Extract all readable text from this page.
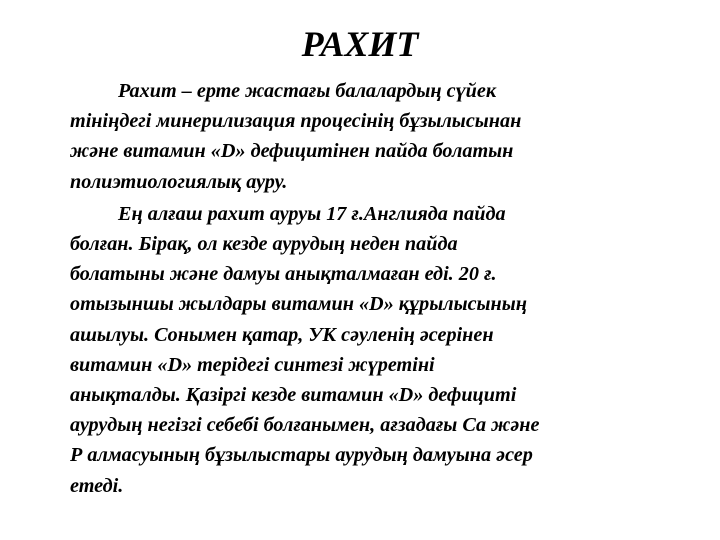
РАХИТ

Рахит – ерте жастағы балалардың сүйек
тініңдегі минерилизация процесінің бұзылысынан
және витамин «D» дефицитінен пайда болатын
полиэтиологиялық ауру.

Ең алғаш рахит ауруы 17 ғ.Англияда пайда
болған. Бірақ, ол кезде аурудың неден пайда
болатыны және дамуы анықталмаған еді. 20 ғ.
отызыншы жылдары витамин «D» құрылысының
ашылуы. Сонымен қатар, УК сәуленің әсерінен
витамин «D» терідегі синтезі жүретіні
анықталды. Қазіргі кезде витамин «D» дефициті
аурудың негізгі себебі болғанымен, ағзадағы Са және
Р алмасуының бұзылыстары аурудың дамуына әсер
етеді.
